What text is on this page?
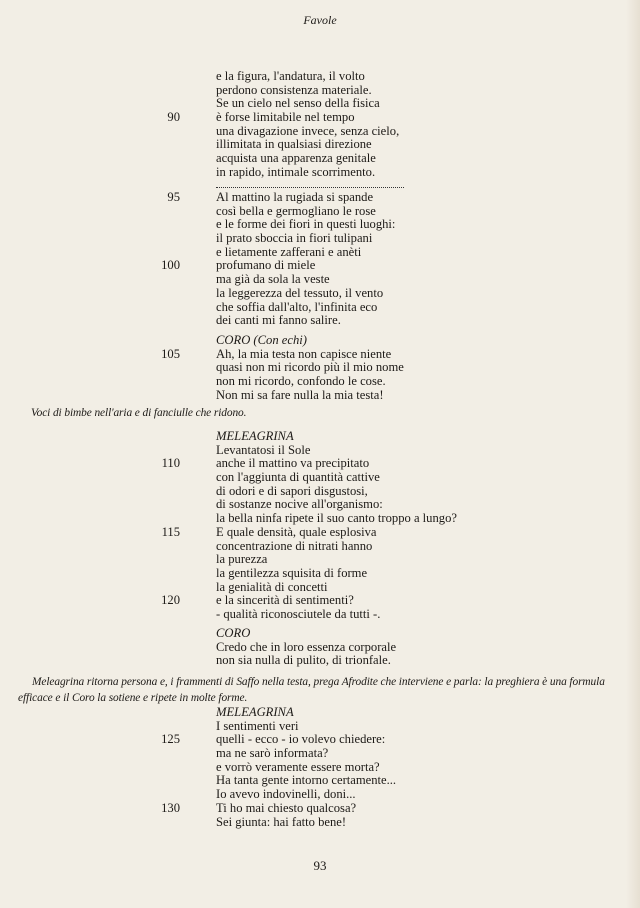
Favole
e la figura, l'andatura, il volto
perdono consistenza materiale.
Se un cielo nel senso della fisica
90	è forse limitabile nel tempo
una divagazione invece, senza cielo,
illimitata in qualsiasi direzione
acquista una apparenza genitale
in rapido, intimale scorrimento.
95	Al mattino la rugiada si spande
così bella e germogliano le rose
e le forme dei fiori in questi luoghi:
il prato sboccia in fiori tulipani
e lietamente zafferani e anèti
100	profumano di miele
ma già da sola la veste
la leggerezza del tessuto, il vento
che soffia dall'alto, l'infinita eco
dei canti mi fanno salire.
CORO (Con echi)
105	Ah, la mia testa non capisce niente
quasi non mi ricordo più il mio nome
non mi ricordo, confondo le cose.
Non mi sa fare nulla la mia testa!
Voci di bimbe nell'aria e di fanciulle che ridono.
MELEAGRINA
Levantatosi il Sole
110	anche il mattino va precipitato
con l'aggiunta di quantità cattive
di odori e di sapori disgustosi,
di sostanze nocive all'organismo:
la bella ninfa ripete il suo canto troppo a lungo?
115	E quale densità, quale esplosiva
concentrazione di nitrati hanno
la purezza
la gentilezza squisita di forme
la genialità di concetti
120	e la sincerità di sentimenti?
- qualità riconosciutele da tutti -.
CORO
Credo che in loro essenza corporale
non sia nulla di pulito, di trionfale.
Meleagrina ritorna persona e, i frammenti di Saffo nella testa, prega Afrodite che interviene e parla: la preghiera è una formula
efficace e il Coro la sotiene e ripete in molte forme.
MELEAGRINA
I sentimenti veri
125	quelli - ecco - io volevo chiedere:
ma ne sarò informata?
e vorrò veramente essere morta?
Ha tanta gente intorno certamente...
Io avevo indovinelli, doni...
130	Ti ho mai chiesto qualcosa?
Sei giunta: hai fatto bene!
93
